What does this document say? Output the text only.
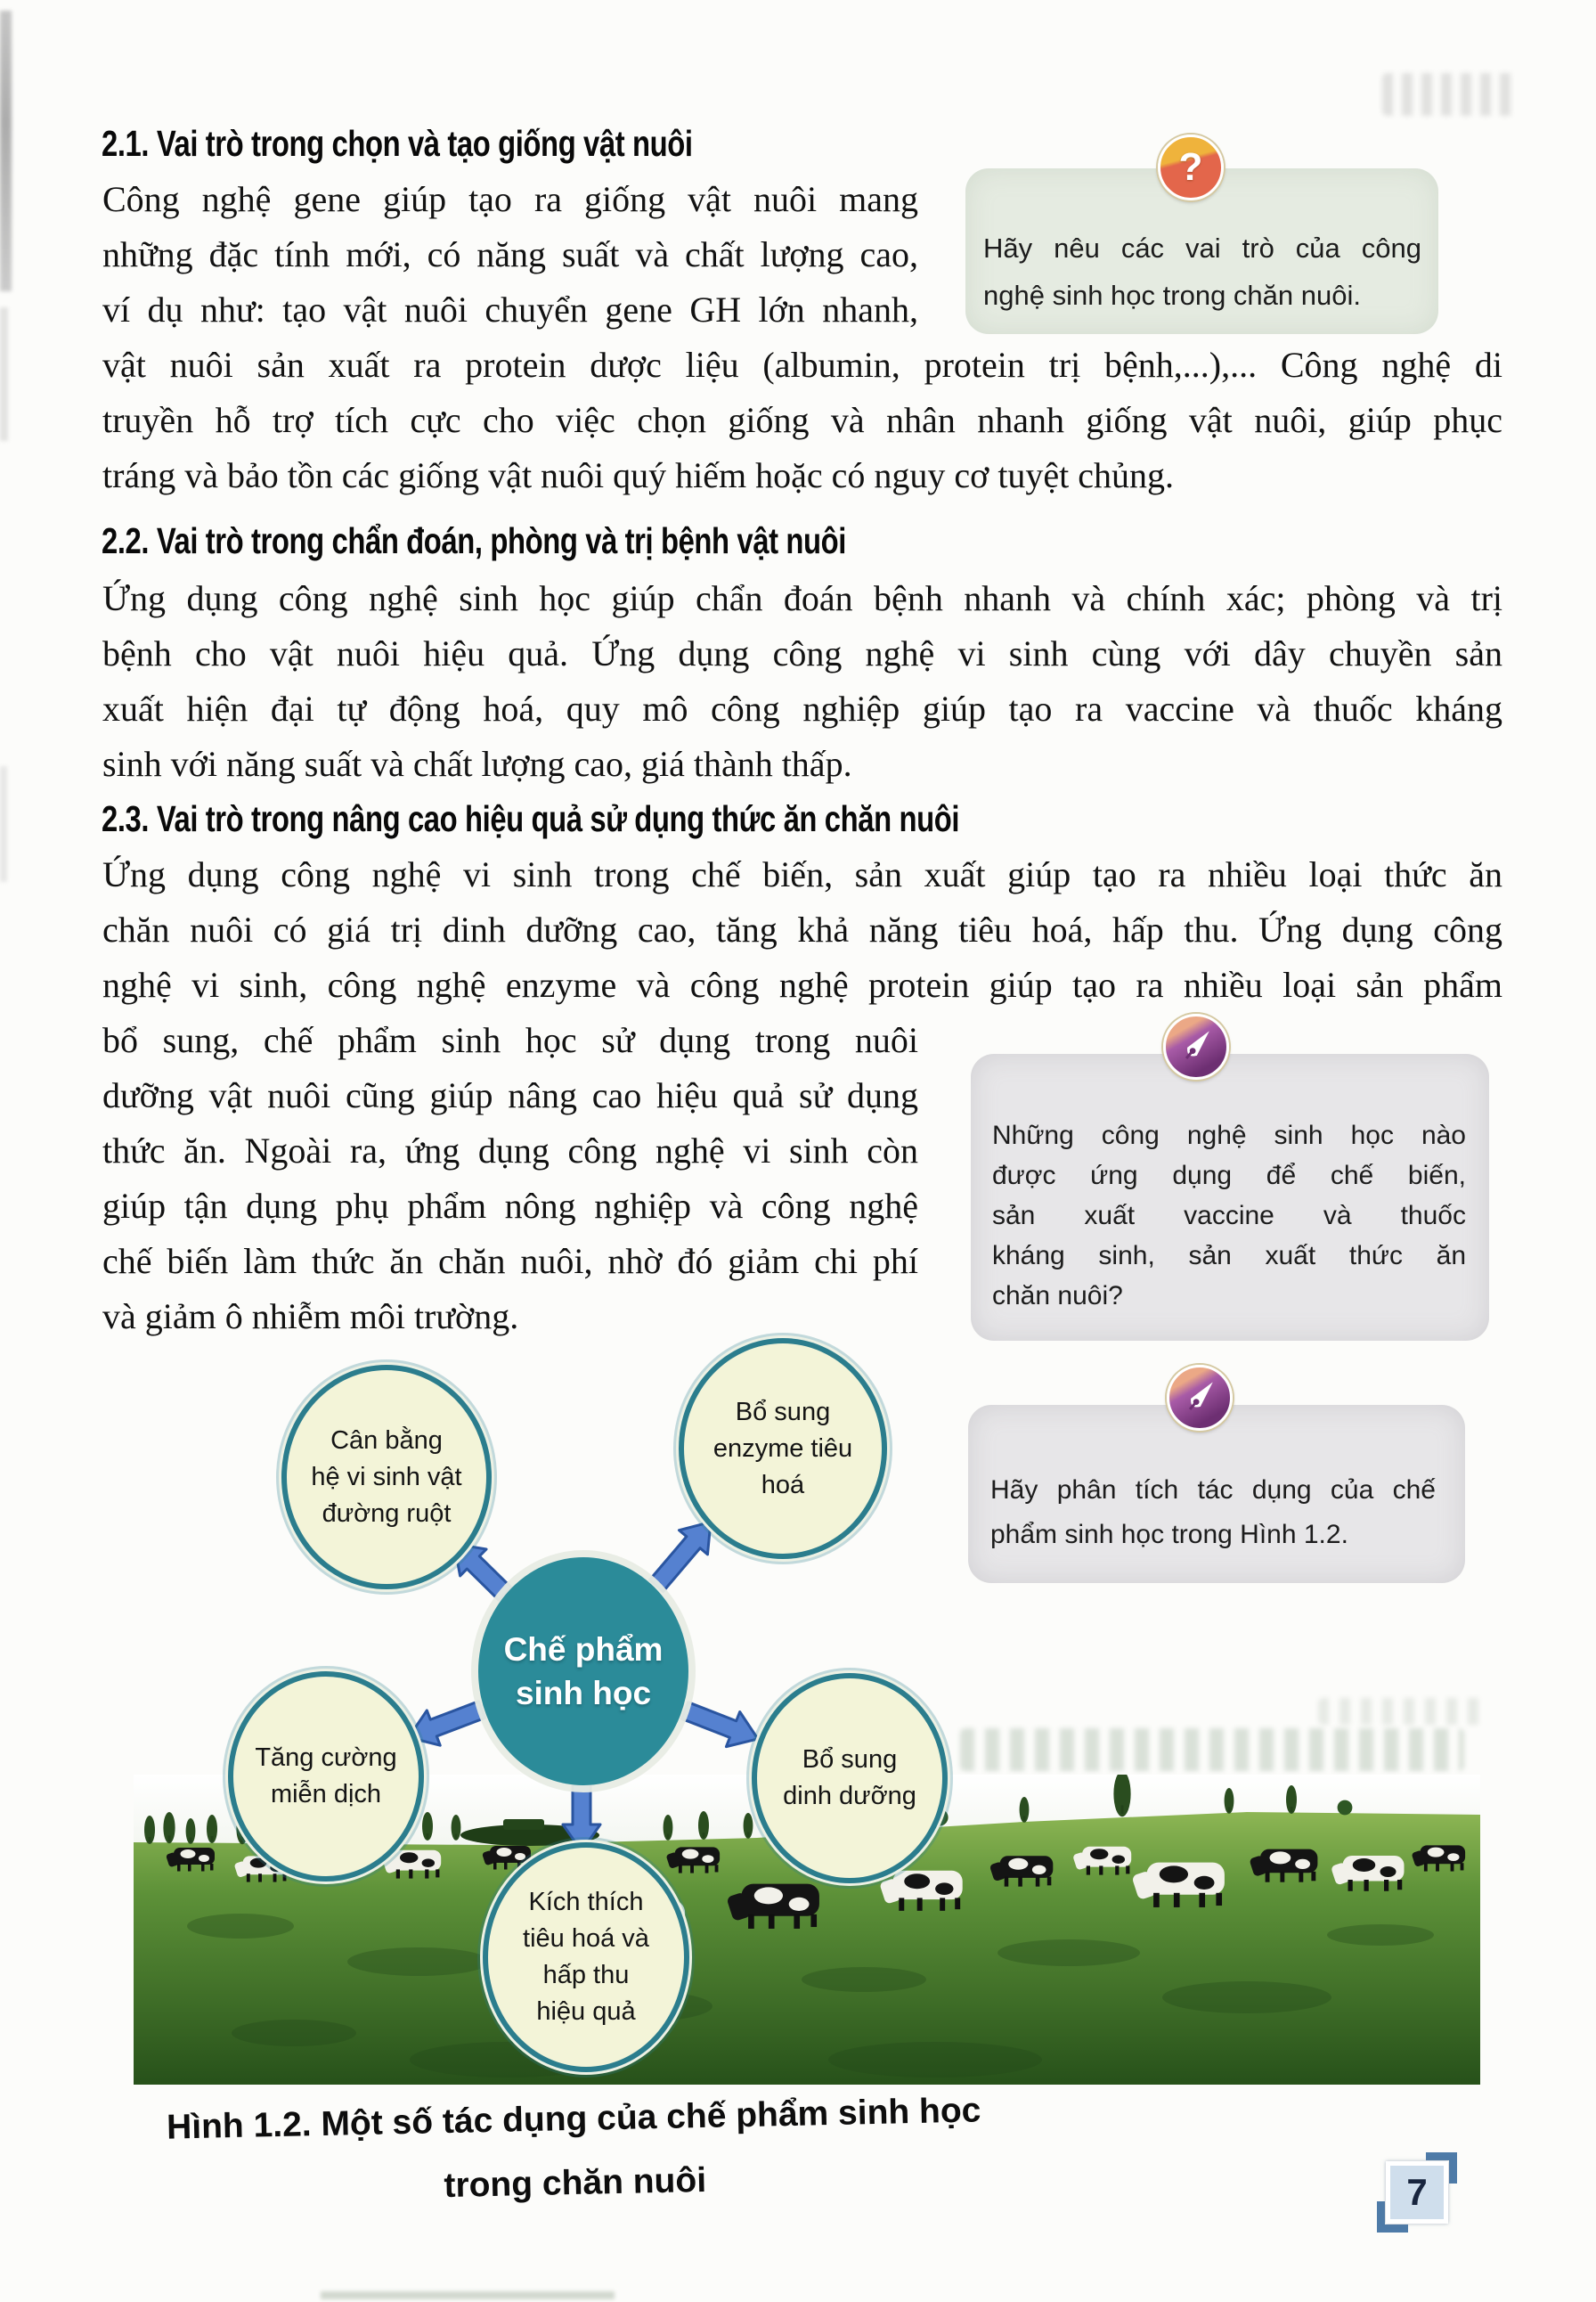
2.1. Vai trò trong chọn và tạo giống vật nuôi
Công nghệ gene giúp tạo ra giống vật nuôi mang
những đặc tính mới, có năng suất và chất lượng cao,
ví dụ như: tạo vật nuôi chuyển gene GH lớn nhanh,
vật nuôi sản xuất ra protein dược liệu (albumin, protein trị bệnh,...),... Công nghệ di
truyền hỗ trợ tích cực cho việc chọn giống và nhân nhanh giống vật nuôi, giúp phục
tráng và bảo tồn các giống vật nuôi quý hiếm hoặc có nguy cơ tuyệt chủng.
?
Hãy nêu các vai trò của công
nghệ sinh học trong chăn nuôi.
2.2. Vai trò trong chẩn đoán, phòng và trị bệnh vật nuôi
Ứng dụng công nghệ sinh học giúp chẩn đoán bệnh nhanh và chính xác; phòng và trị
bệnh cho vật nuôi hiệu quả. Ứng dụng công nghệ vi sinh cùng với dây chuyền sản
xuất hiện đại tự động hoá, quy mô công nghiệp giúp tạo ra vaccine và thuốc kháng
sinh với năng suất và chất lượng cao, giá thành thấp.
2.3. Vai trò trong nâng cao hiệu quả sử dụng thức ăn chăn nuôi
Ứng dụng công nghệ vi sinh trong chế biến, sản xuất giúp tạo ra nhiều loại thức ăn
chăn nuôi có giá trị dinh dưỡng cao, tăng khả năng tiêu hoá, hấp thu. Ứng dụng công
nghệ vi sinh, công nghệ enzyme và công nghệ protein giúp tạo ra nhiều loại sản phẩm
bổ sung, chế phẩm sinh học sử dụng trong nuôi
dưỡng vật nuôi cũng giúp nâng cao hiệu quả sử dụng
thức ăn. Ngoài ra, ứng dụng công nghệ vi sinh còn
giúp tận dụng phụ phẩm nông nghiệp và công nghệ
chế biến làm thức ăn chăn nuôi, nhờ đó giảm chi phí
và giảm ô nhiễm môi trường.
Những công nghệ sinh học nào
được ứng dụng để chế biến,
sản xuất vaccine và thuốc
kháng sinh, sản xuất thức ăn
chăn nuôi?
Hãy phân tích tác dụng của chế
phẩm sinh học trong Hình 1.2.
Cân bằng
hệ vi sinh vật
đường ruột
Bổ sung
enzyme tiêu
hoá
Chế phẩm
sinh học
Tăng cường
miễn dịch
Bổ sung
dinh dưỡng
Kích thích
tiêu hoá và
hấp thu
hiệu quả
Hình 1.2. Một số tác dụng của chế phẩm sinh học
trong chăn nuôi	7
